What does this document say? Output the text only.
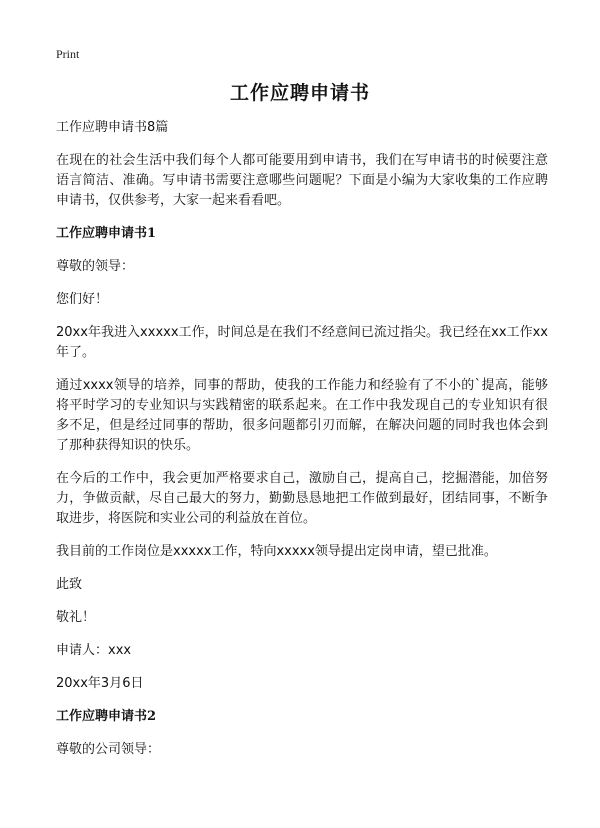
Print
工作应聘申请书

工作应聘申请书8篇

在现在的社会生活中我们每个人都可能要用到申请书，我们在写申请书的时候要注意语言简洁、准确。写申请书需要注意哪些问题呢？下面是小编为大家收集的工作应聘申请书，仅供参考，大家一起来看看吧。

工作应聘申请书1

尊敬的领导：

您们好！

20xx年我进入xxxxx工作，时间总是在我们不经意间已流过指尖。我已经在xx工作xx年了。

通过xxxx领导的培养，同事的帮助，使我的工作能力和经验有了不小的`提高，能够将平时学习的专业知识与实践精密的联系起来。在工作中我发现自己的专业知识有很多不足，但是经过同事的帮助，很多问题都引刃而解，在解决问题的同时我也体会到了那种获得知识的快乐。

在今后的工作中，我会更加严格要求自己，激励自己，提高自己，挖掘潜能，加倍努力，争做贡献，尽自己最大的努力，勤勤恳恳地把工作做到最好，团结同事，不断争取进步，将医院和实业公司的利益放在首位。

我目前的工作岗位是xxxxx工作，特向xxxxx领导提出定岗申请，望已批准。

此致

敬礼！

申请人：xxx

20xx年3月6日

工作应聘申请书2

尊敬的公司领导：
